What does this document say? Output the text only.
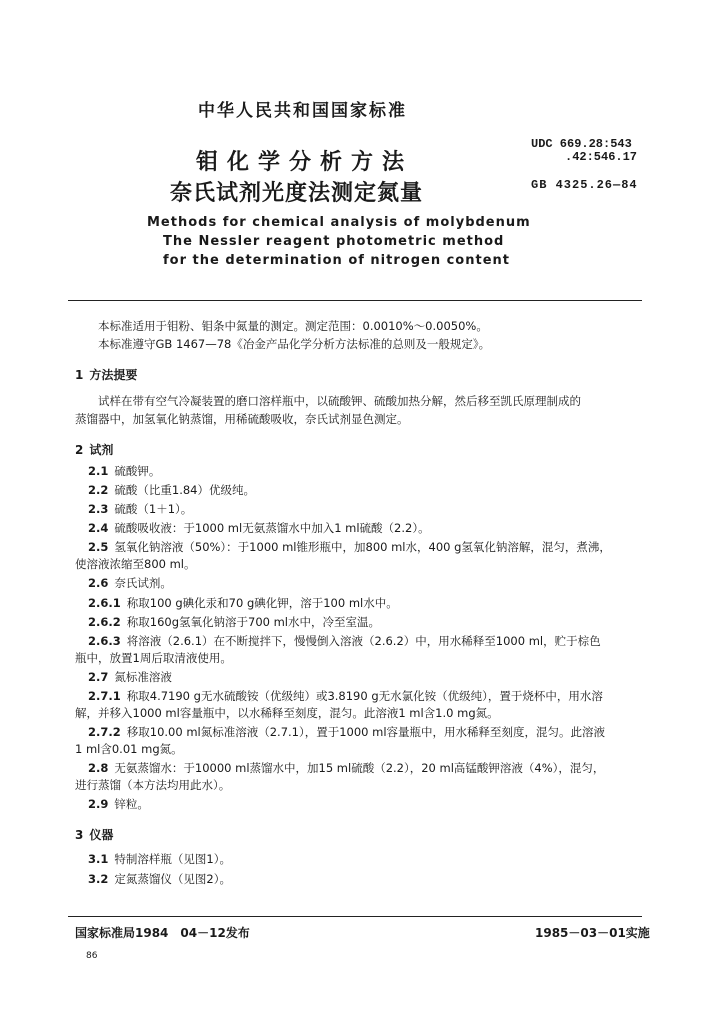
中华人民共和国国家标准
钼化学分析方法
奈氏试剂光度法测定氮量
UDC 669.28:543
.42:546.17
GB 4325.26—84
Methods for chemical analysis of molybdenum
The Nessler reagent photometric method
for the determination of nitrogen content
本标准适用于钼粉、钼条中氮量的测定。测定范围：0.0010%～0.0050%。
本标准遵守GB 1467—78《冶金产品化学分析方法标准的总则及一般规定》。
1 方法提要
试样在带有空气冷凝装置的磨口溶样瓶中，以硫酸钾、硫酸加热分解，然后移至凯氏原理制成的
蒸馏器中，加氢氧化钠蒸馏，用稀硫酸吸收，奈氏试剂显色测定。
2 试剂
2.1 硫酸钾。
2.2 硫酸（比重1.84）优级纯。
2.3 硫酸（1＋1）。
2.4 硫酸吸收液：于1000 ml无氨蒸馏水中加入1 ml硫酸（2.2）。
2.5 氢氧化钠溶液（50%）：于1000 ml锥形瓶中，加800 ml水，400 g氢氧化钠溶解，混匀，煮沸，
使溶液浓缩至800 ml。
2.6 奈氏试剂。
2.6.1 称取100 g碘化汞和70 g碘化钾，溶于100 ml水中。
2.6.2 称取160g氢氧化钠溶于700 ml水中，冷至室温。
2.6.3 将溶液（2.6.1）在不断搅拌下，慢慢倒入溶液（2.6.2）中，用水稀释至1000 ml，贮于棕色
瓶中，放置1周后取清液使用。
2.7 氮标准溶液
2.7.1 称取4.7190 g无水硫酸铵（优级纯）或3.8190 g无水氯化铵（优级纯），置于烧杯中，用水溶
解，并移入1000 ml容量瓶中，以水稀释至刻度，混匀。此溶液1 ml含1.0 mg氮。
2.7.2 移取10.00 ml氮标准溶液（2.7.1），置于1000 ml容量瓶中，用水稀释至刻度，混匀。此溶液
1 ml含0.01 mg氮。
2.8 无氨蒸馏水：于10000 ml蒸馏水中，加15 ml硫酸（2.2），20 ml高锰酸钾溶液（4%），混匀，
进行蒸馏（本方法均用此水）。
2.9 锌粒。
3 仪器
3.1 特制溶样瓶（见图1）。
3.2 定氮蒸馏仪（见图2）。
国家标准局1984　04－12发布	1985－03－01实施
86
